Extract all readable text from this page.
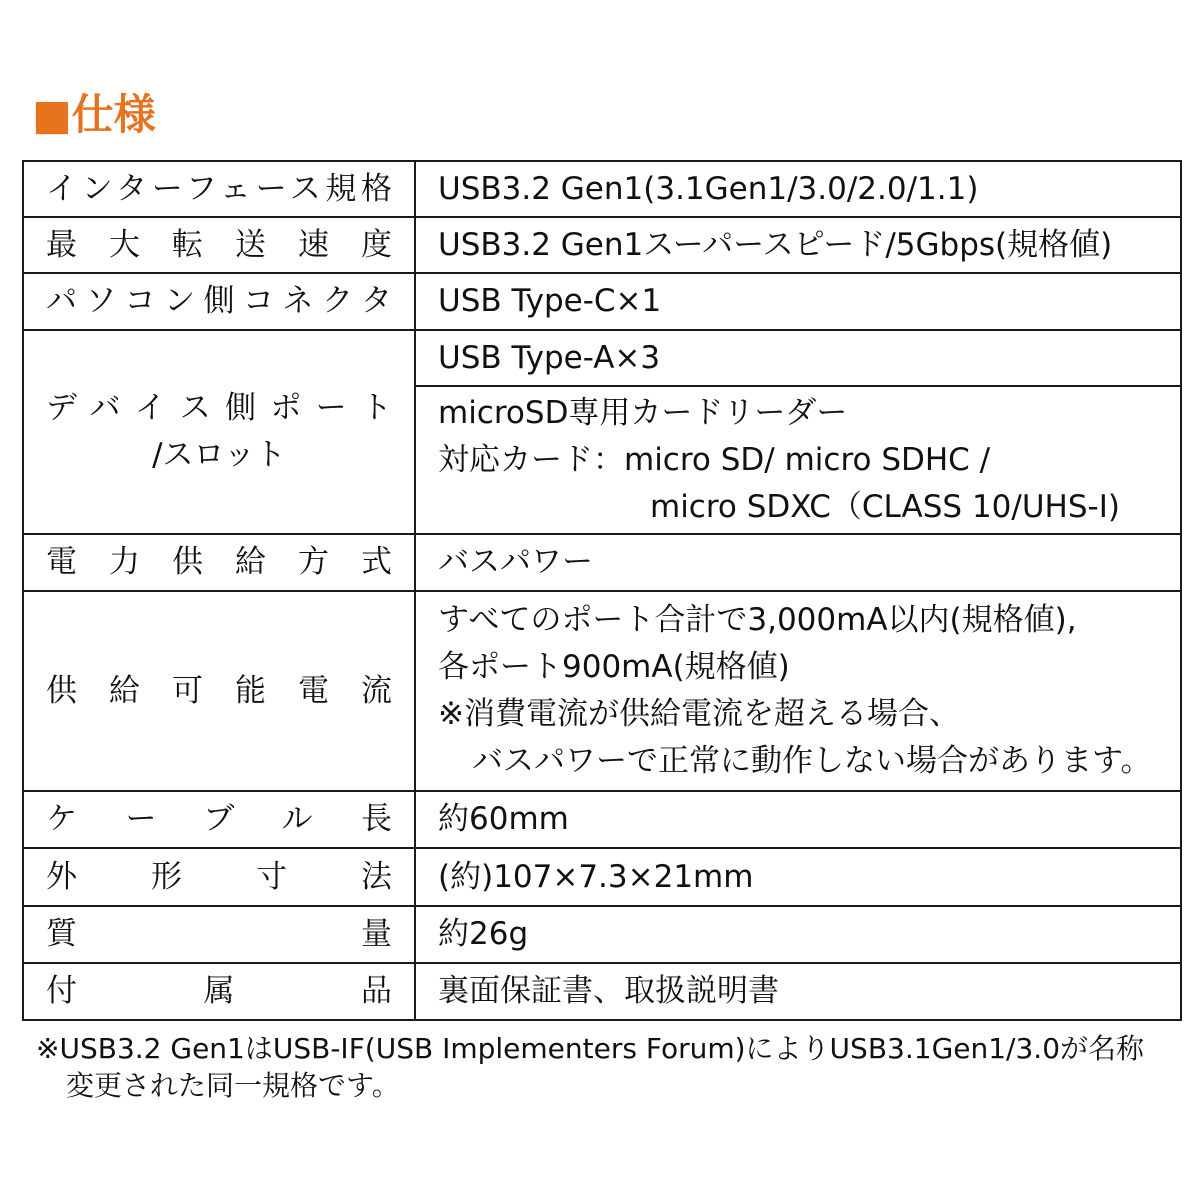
■仕様
インターフェース規格	USB3.2 Gen1(3.1Gen1/3.0/2.0/1.1)
最大転送速度	USB3.2 Gen1スーパースピード/5Gbps(規格値)
パソコン側コネクタ	USB Type-C×1

デバイス側ポート
/スロット	USB Type-A×3

	microSD専用カードリーダー
対応カード：micro SD/ micro SDHC /
micro SDXC（CLASS 10/UHS-Ⅰ)

電力供給方式	バスパワー
供給可能電流	すべてのポート合計で3,000mA以内(規格値),
各ポート900mA(規格値)
※消費電流が供給電流を超える場合、
バスパワーで正常に動作しない場合があります。

ケーブル長	約60mm
外形寸法	(約)107×7.3×21mm
質量	約26g
付属品	裏面保証書、取扱説明書
※USB3.2 Gen1はUSB-IF(USB Implementers Forum)によりUSB3.1Gen1/3.0が名称
変更された同一規格です。
